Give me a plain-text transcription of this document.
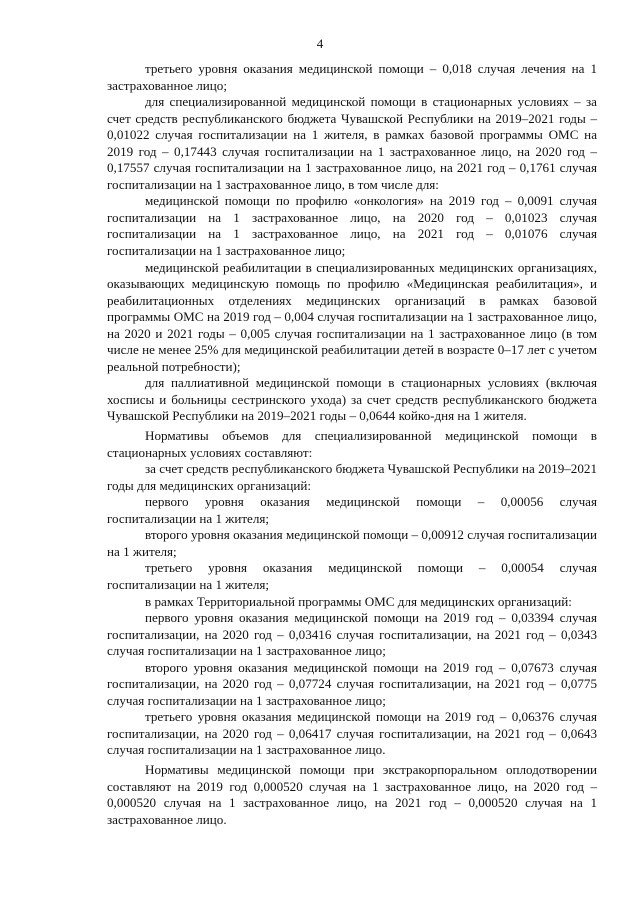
4

третьего уровня оказания медицинской помощи – 0,018 случая лечения на 1 застрахованное лицо;

для специализированной медицинской помощи в стационарных условиях – за счет средств республиканского бюджета Чувашской Республики на 2019–2021 годы – 0,01022 случая госпитализации на 1 жителя, в рамках базовой программы ОМС на 2019 год – 0,17443 случая госпитализации на 1 застрахованное лицо, на 2020 год – 0,17557 случая госпитализации на 1 застрахованное лицо, на 2021 год – 0,1761 случая госпитализации на 1 застрахованное лицо, в том числе для:

медицинской помощи по профилю «онкология» на 2019 год – 0,0091 случая госпитализации на 1 застрахованное лицо, на 2020 год – 0,01023 случая госпитализации на 1 застрахованное лицо, на 2021 год – 0,01076 случая госпитализации на 1 застрахованное лицо;

медицинской реабилитации в специализированных медицинских организациях, оказывающих медицинскую помощь по профилю «Медицинская реабилитация», и реабилитационных отделениях медицинских организаций в рамках базовой программы ОМС на 2019 год – 0,004 случая госпитализации на 1 застрахованное лицо, на 2020 и 2021 годы – 0,005 случая госпитализации на 1 застрахованное лицо (в том числе не менее 25% для медицинской реабилитации детей в возрасте 0–17 лет с учетом реальной потребности);

для паллиативной медицинской помощи в стационарных условиях (включая хосписы и больницы сестринского ухода) за счет средств республиканского бюджета Чувашской Республики на 2019–2021 годы – 0,0644 койко-дня на 1 жителя.

Нормативы объемов для специализированной медицинской помощи в стационарных условиях составляют:

за счет средств республиканского бюджета Чувашской Республики на 2019–2021 годы для медицинских организаций:

первого уровня оказания медицинской помощи – 0,00056 случая госпитализации на 1 жителя;

второго уровня оказания медицинской помощи – 0,00912 случая госпитализации на 1 жителя;

третьего уровня оказания медицинской помощи – 0,00054 случая госпитализации на 1 жителя;

в рамках Территориальной программы ОМС для медицинских организаций:

первого уровня оказания медицинской помощи на 2019 год – 0,03394 случая госпитализации, на 2020 год – 0,03416 случая госпитализации, на 2021 год – 0,0343 случая госпитализации на 1 застрахованное лицо;

второго уровня оказания медицинской помощи на 2019 год – 0,07673 случая госпитализации, на 2020 год – 0,07724 случая госпитализации, на 2021 год – 0,0775 случая госпитализации на 1 застрахованное лицо;

третьего уровня оказания медицинской помощи на 2019 год – 0,06376 случая госпитализации, на 2020 год – 0,06417 случая госпитализации, на 2021 год – 0,0643 случая госпитализации на 1 застрахованное лицо.

Нормативы медицинской помощи при экстракорпоральном оплодотворении составляют на 2019 год 0,000520 случая на 1 застрахованное лицо, на 2020 год – 0,000520 случая на 1 застрахованное лицо, на 2021 год – 0,000520 случая на 1 застрахованное лицо.
